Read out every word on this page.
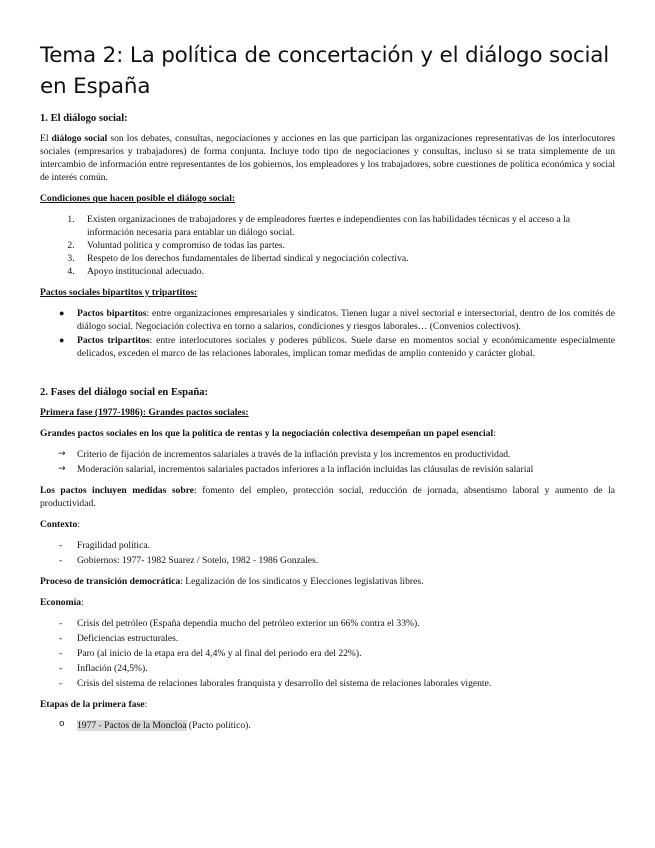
Tema 2: La política de concertación y el diálogo social en España
1. El diálogo social:

El diálogo social son los debates, consultas, negociaciones y acciones en las que participan las organizaciones representativas de los interlocutores sociales (empresarios y trabajadores) de forma conjunta. Incluye todo tipo de negociaciones y consultas, incluso si se trata simplemente de un intercambio de información entre representantes de los gobiernos, los empleadores y los trabajadores, sobre cuestiones de política económica y social de interés común.

Condiciones que hacen posible el diálogo social:
1. Existen organizaciones de trabajadores y de empleadores fuertes e independientes con las habilidades técnicas y el acceso a la información necesaria para entablar un diálogo social.
2. Voluntad política y compromiso de todas las partes.
3. Respeto de los derechos fundamentales de libertad sindical y negociación colectiva.
4. Apoyo institucional adecuado.
Pactos sociales bipartitos y tripartitos:
● Pactos bipartitos: entre organizaciones empresariales y sindicatos. Tienen lugar a nivel sectorial e intersectorial, dentro de los comités de diálogo social. Negociación colectiva en torno a salarios, condiciones y riesgos laborales… (Convenios colectivos).
● Pactos tripartitos: entre interlocutores sociales y poderes públicos. Suele darse en momentos social y económicamente especialmente delicados, exceden el marco de las relaciones laborales, implican tomar medidas de amplio contenido y carácter global.
2. Fases del diálogo social en España:
Primera fase (1977-1986): Grandes pactos sociales:

Grandes pactos sociales en los que la política de rentas y la negociación colectiva desempeñan un papel esencial:

→ Criterio de fijación de incrementos salariales a través de la inflación prevista y los incrementos en productividad.
→ Moderación salarial, incrementos salariales pactados inferiores a la inflación incluidas las cláusulas de revisión salarial

Los pactos incluyen medidas sobre: fomento del empleo, protección social, reducción de jornada, absentismo laboral y aumento de la productividad.

Contexto:

- Fragilidad política.
- Gobiernos: 1977- 1982 Suarez / Sotelo, 1982 - 1986 Gonzales.

Proceso de transición democrática: Legalización de los sindicatos y Elecciones legislativas libres.

Economía:

- Crisis del petróleo (España dependía mucho del petróleo exterior un 66% contra el 33%).
- Deficiencias estructurales.
- Paro (al inicio de la etapa era del 4,4% y al final del periodo era del 22%).
- Inflación (24,5%).
- Crisis del sistema de relaciones laborales franquista y desarrollo del sistema de relaciones laborales vigente.

Etapas de la primera fase:

o 1977 - Pactos de la Moncloa (Pacto político).
